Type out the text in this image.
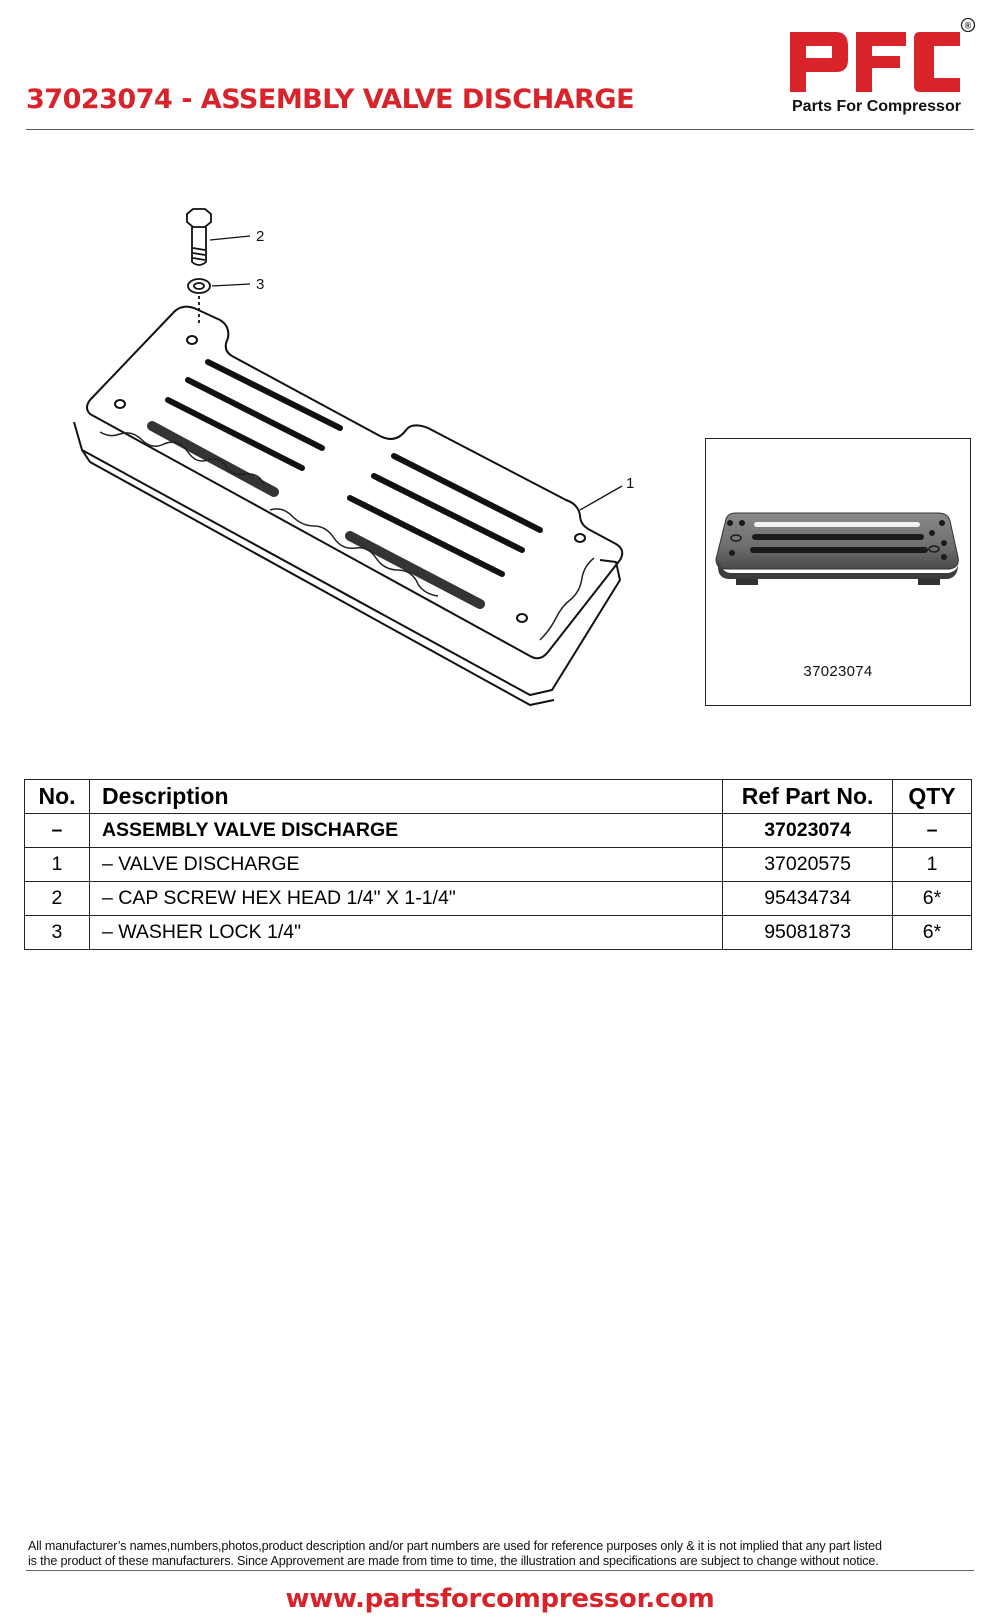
37023074 - ASSEMBLY VALVE DISCHARGE
®
Parts For Compressor
2
3
1
37023074
No.	Description	Ref Part No.	QTY
–	ASSEMBLY VALVE DISCHARGE	37023074	–
1	– VALVE DISCHARGE	37020575	1
2	– CAP SCREW HEX HEAD 1/4" X 1-1/4"	95434734	6*
3	– WASHER LOCK 1/4"	95081873	6*
All manufacturer’s names,numbers,photos,product description and/or part numbers are used for reference purposes only & it is not implied that any part listed
is the product of these manufacturers. Since Approvement are made from time to time, the illustration and specifications are subject to change without notice.
www.partsforcompressor.com
